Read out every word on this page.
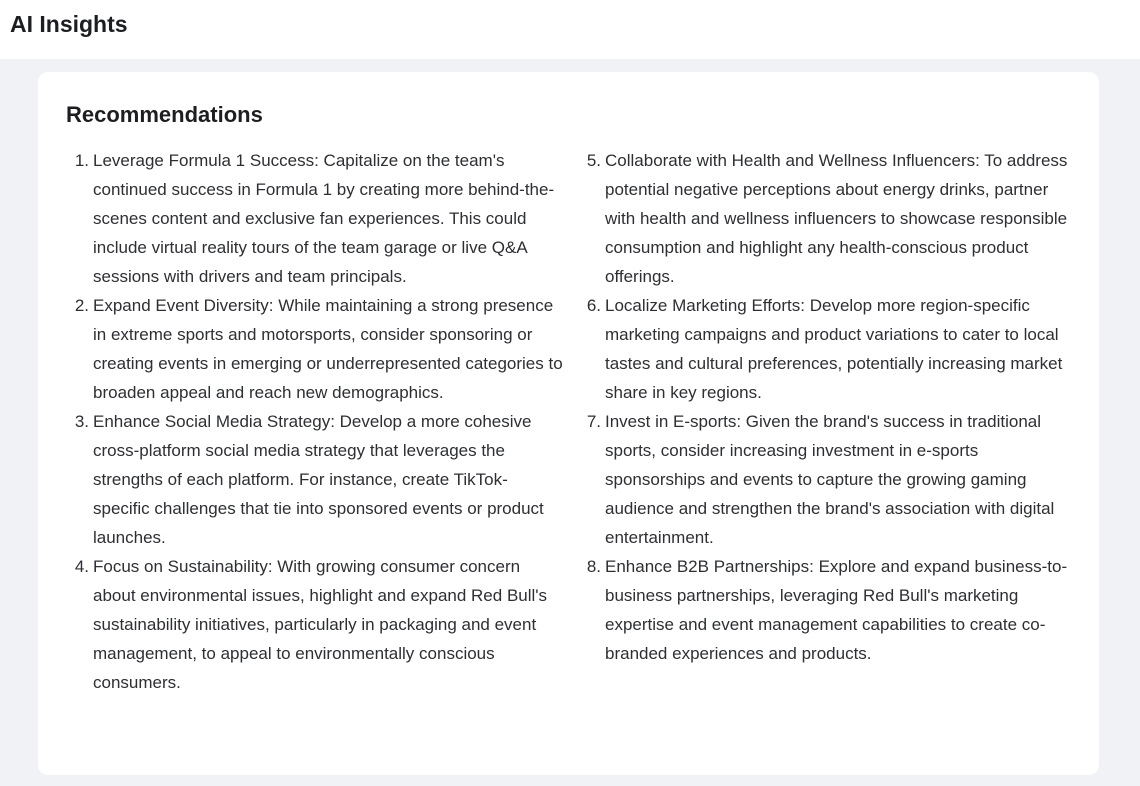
AI Insights
Recommendations
1. Leverage Formula 1 Success: Capitalize on the team's continued success in Formula 1 by creating more behind-the-scenes content and exclusive fan experiences. This could include virtual reality tours of the team garage or live Q&A sessions with drivers and team principals.
2. Expand Event Diversity: While maintaining a strong presence in extreme sports and motorsports, consider sponsoring or creating events in emerging or underrepresented categories to broaden appeal and reach new demographics.
3. Enhance Social Media Strategy: Develop a more cohesive cross-platform social media strategy that leverages the strengths of each platform. For instance, create TikTok-specific challenges that tie into sponsored events or product launches.
4. Focus on Sustainability: With growing consumer concern about environmental issues, highlight and expand Red Bull's sustainability initiatives, particularly in packaging and event management, to appeal to environmentally conscious consumers.
5. Collaborate with Health and Wellness Influencers: To address potential negative perceptions about energy drinks, partner with health and wellness influencers to showcase responsible consumption and highlight any health-conscious product offerings.
6. Localize Marketing Efforts: Develop more region-specific marketing campaigns and product variations to cater to local tastes and cultural preferences, potentially increasing market share in key regions.
7. Invest in E-sports: Given the brand's success in traditional sports, consider increasing investment in e-sports sponsorships and events to capture the growing gaming audience and strengthen the brand's association with digital entertainment.
8. Enhance B2B Partnerships: Explore and expand business-to-business partnerships, leveraging Red Bull's marketing expertise and event management capabilities to create co-branded experiences and products.
